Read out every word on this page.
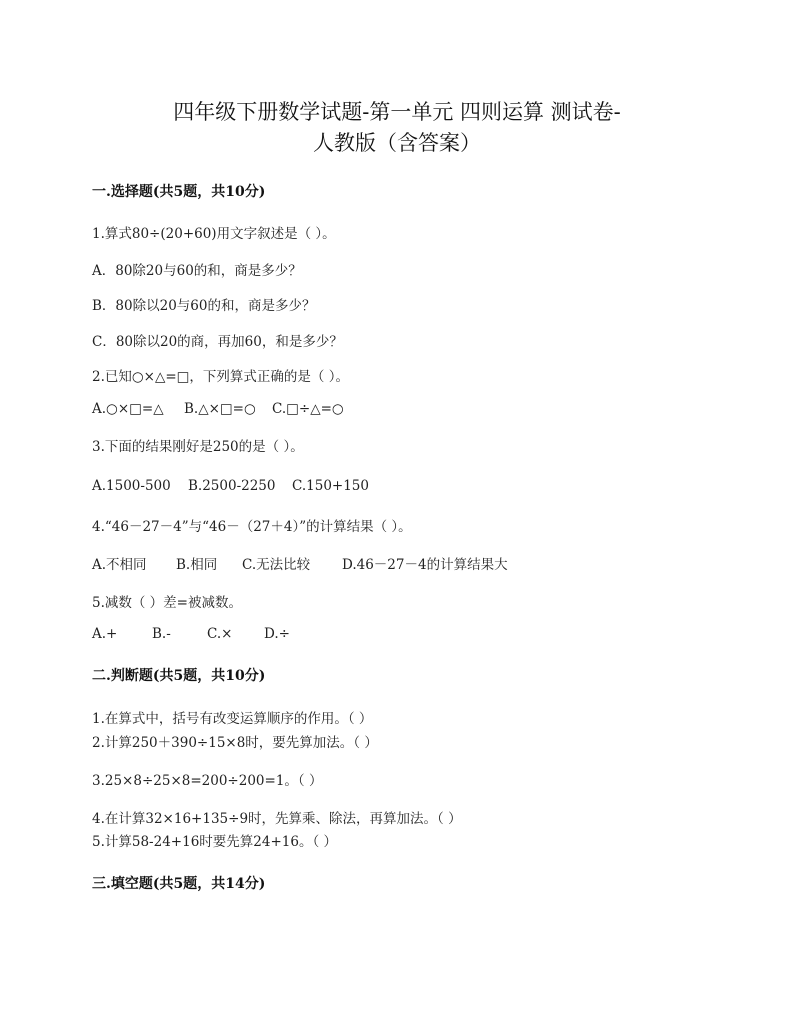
四年级下册数学试题-第一单元 四则运算 测试卷-
人教版（含答案）
一.选择题(共5题，共10分)
1.算式80÷(20+60)用文字叙述是（ ）。
A．80除20与60的和，商是多少？
B．80除以20与60的和，商是多少？
C．80除以20的商，再加60，和是多少？
2.已知○×△=□，下列算式正确的是（ ）。
A.○×□=△ B.△×□=○ C.□÷△=○
3.下面的结果刚好是250的是（ ）。
A.1500-500 B.2500-2250 C.150+150
4.“46－27－4”与“46－（27＋4）”的计算结果（ ）。
A.不相同 B.相同 C.无法比较 D.46－27－4的计算结果大
5.减数（ ）差=被减数。
A.+	B.-	C.× D.÷
二.判断题(共5题，共10分)
1.在算式中，括号有改变运算顺序的作用。（ ）
2.计算250＋390÷15×8时，要先算加法。（ ）
3.25×8÷25×8=200÷200=1。（ ）
4.在计算32×16+135÷9时，先算乘、除法，再算加法。（ ）
5.计算58-24+16时要先算24+16。（ ）
三.填空题(共5题，共14分)
